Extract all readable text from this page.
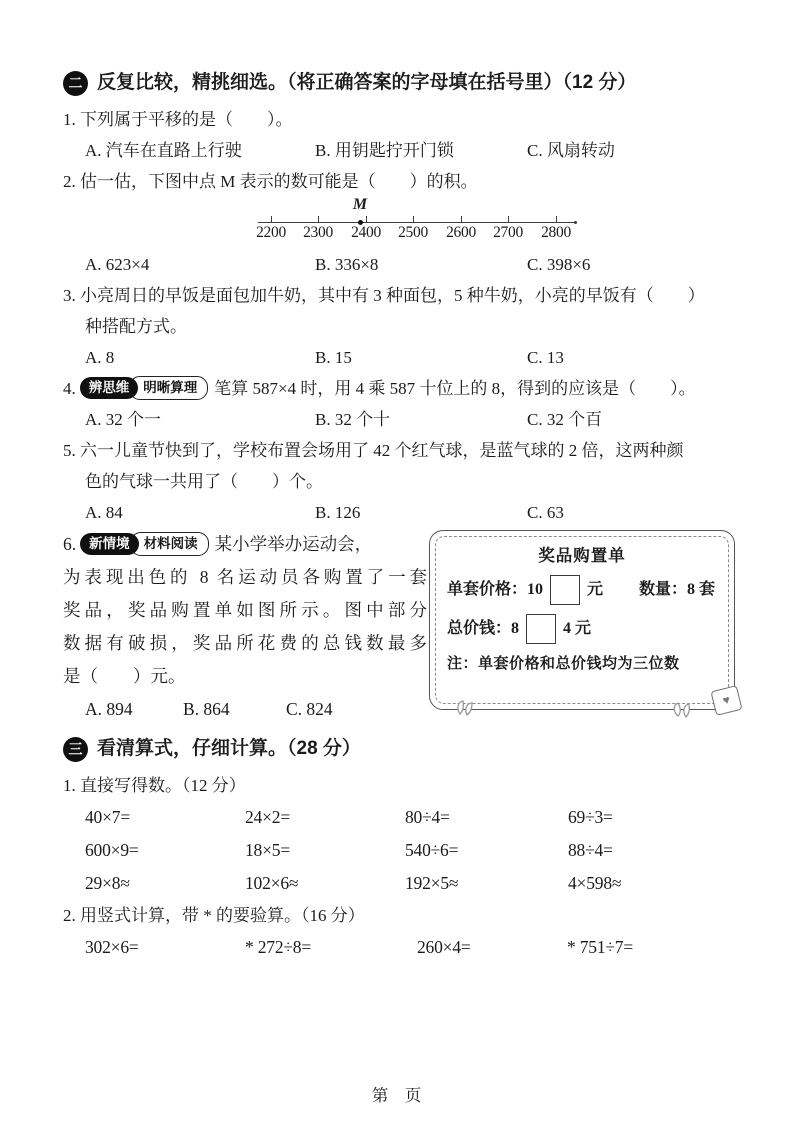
二 反复比较，精挑细选。（将正确答案的字母填在括号里）（12 分）
1. 下列属于平移的是（　　）。
A. 汽车在直路上行驶	B. 用钥匙拧开门锁	C. 风扇转动
2. 估一估，下图中点 M 表示的数可能是（　　）的积。
M
2200 2300 2400 2500 2600 2700 2800
A. 623×4	B. 336×8	C. 398×6
3. 小亮周日的早饭是面包加牛奶，其中有 3 种面包，5 种牛奶，小亮的早饭有（　　）
种搭配方式。
A. 8	B. 15	C. 13
4. 辨思维	明晰算理	笔算 587×4 时，用 4 乘 587 十位上的 8，得到的应该是（　　）。
A. 32 个一	B. 32 个十	C. 32 个百
5. 六一儿童节快到了，学校布置会场用了 42 个红气球，是蓝气球的 2 倍，这两种颜
色的气球一共用了（　　）个。
A. 84	B. 126	C. 63
6. 新情境	材料阅读 某小学举办运动会，
为表现出色的 8 名运动员各购置了一套
奖品，奖品购置单如图所示。图中部分
数据有破损，奖品所花费的总钱数最多
是（　　）元。
A. 894	B. 864	C. 824
奖品购置单
单套价格：10	元 数量：8 套
总价钱：8	4 元
注：单套价格和总价钱均为三位数
♥
三 看清算式，仔细计算。（28 分）
1. 直接写得数。（12 分）
40×7=	24×2=	80÷4=	69÷3=
600×9=	18×5=	540÷6=	88÷4=
29×8≈	102×6≈	192×5≈	4×598≈
2. 用竖式计算，带 * 的要验算。（16 分）
302×6=	* 272÷8=	260×4=	* 751÷7=
第　页
